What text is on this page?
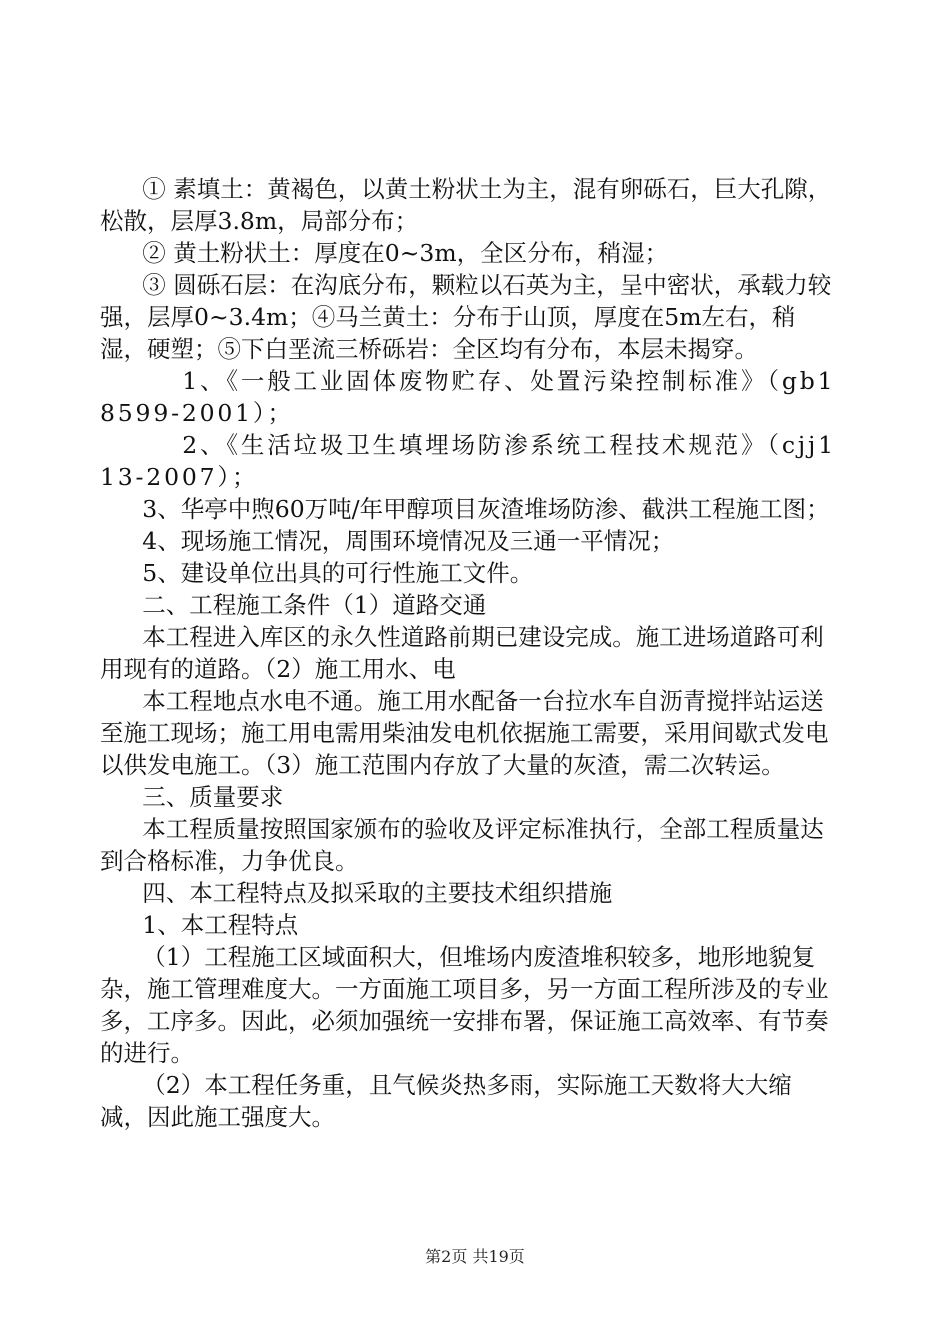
① 素填土：黄褐色，以黄土粉状土为主，混有卵砾石，巨大孔隙，松散，层厚3.8m，局部分布；

② 黄土粉状土：厚度在0~3m，全区分布，稍湿；

③ 圆砾石层：在沟底分布，颗粒以石英为主，呈中密状，承载力较强，层厚0~3.4m；④马兰黄土：分布于山顶，厚度在5m左右，稍湿，硬塑；⑤下白垩流三桥砾岩：全区均有分布，本层未揭穿。

1、《一般工业固体废物贮存、处置污染控制标准》（gb18599-2001）；

2、《生活垃圾卫生填埋场防渗系统工程技术规范》（cjj113-2007）；

3、华亭中煦60万吨/年甲醇项目灰渣堆场防渗、截洪工程施工图；

4、现场施工情况，周围环境情况及三通一平情况；

5、建设单位出具的可行性施工文件。

二、工程施工条件（1）道路交通

本工程进入库区的永久性道路前期已建设完成。施工进场道路可利用现有的道路。（2）施工用水、电

本工程地点水电不通。施工用水配备一台拉水车自沥青搅拌站运送至施工现场；施工用电需用柴油发电机依据施工需要，采用间歇式发电以供发电施工。（3）施工范围内存放了大量的灰渣，需二次转运。

三、质量要求

本工程质量按照国家颁布的验收及评定标准执行，全部工程质量达到合格标准，力争优良。

四、本工程特点及拟采取的主要技术组织措施

1、本工程特点

（1）工程施工区域面积大，但堆场内废渣堆积较多，地形地貌复杂，施工管理难度大。一方面施工项目多，另一方面工程所涉及的专业多，工序多。因此，必须加强统一安排布署，保证施工高效率、有节奏的进行。

（2）本工程任务重，且气候炎热多雨，实际施工天数将大大缩减，因此施工强度大。

第2页 共19页
